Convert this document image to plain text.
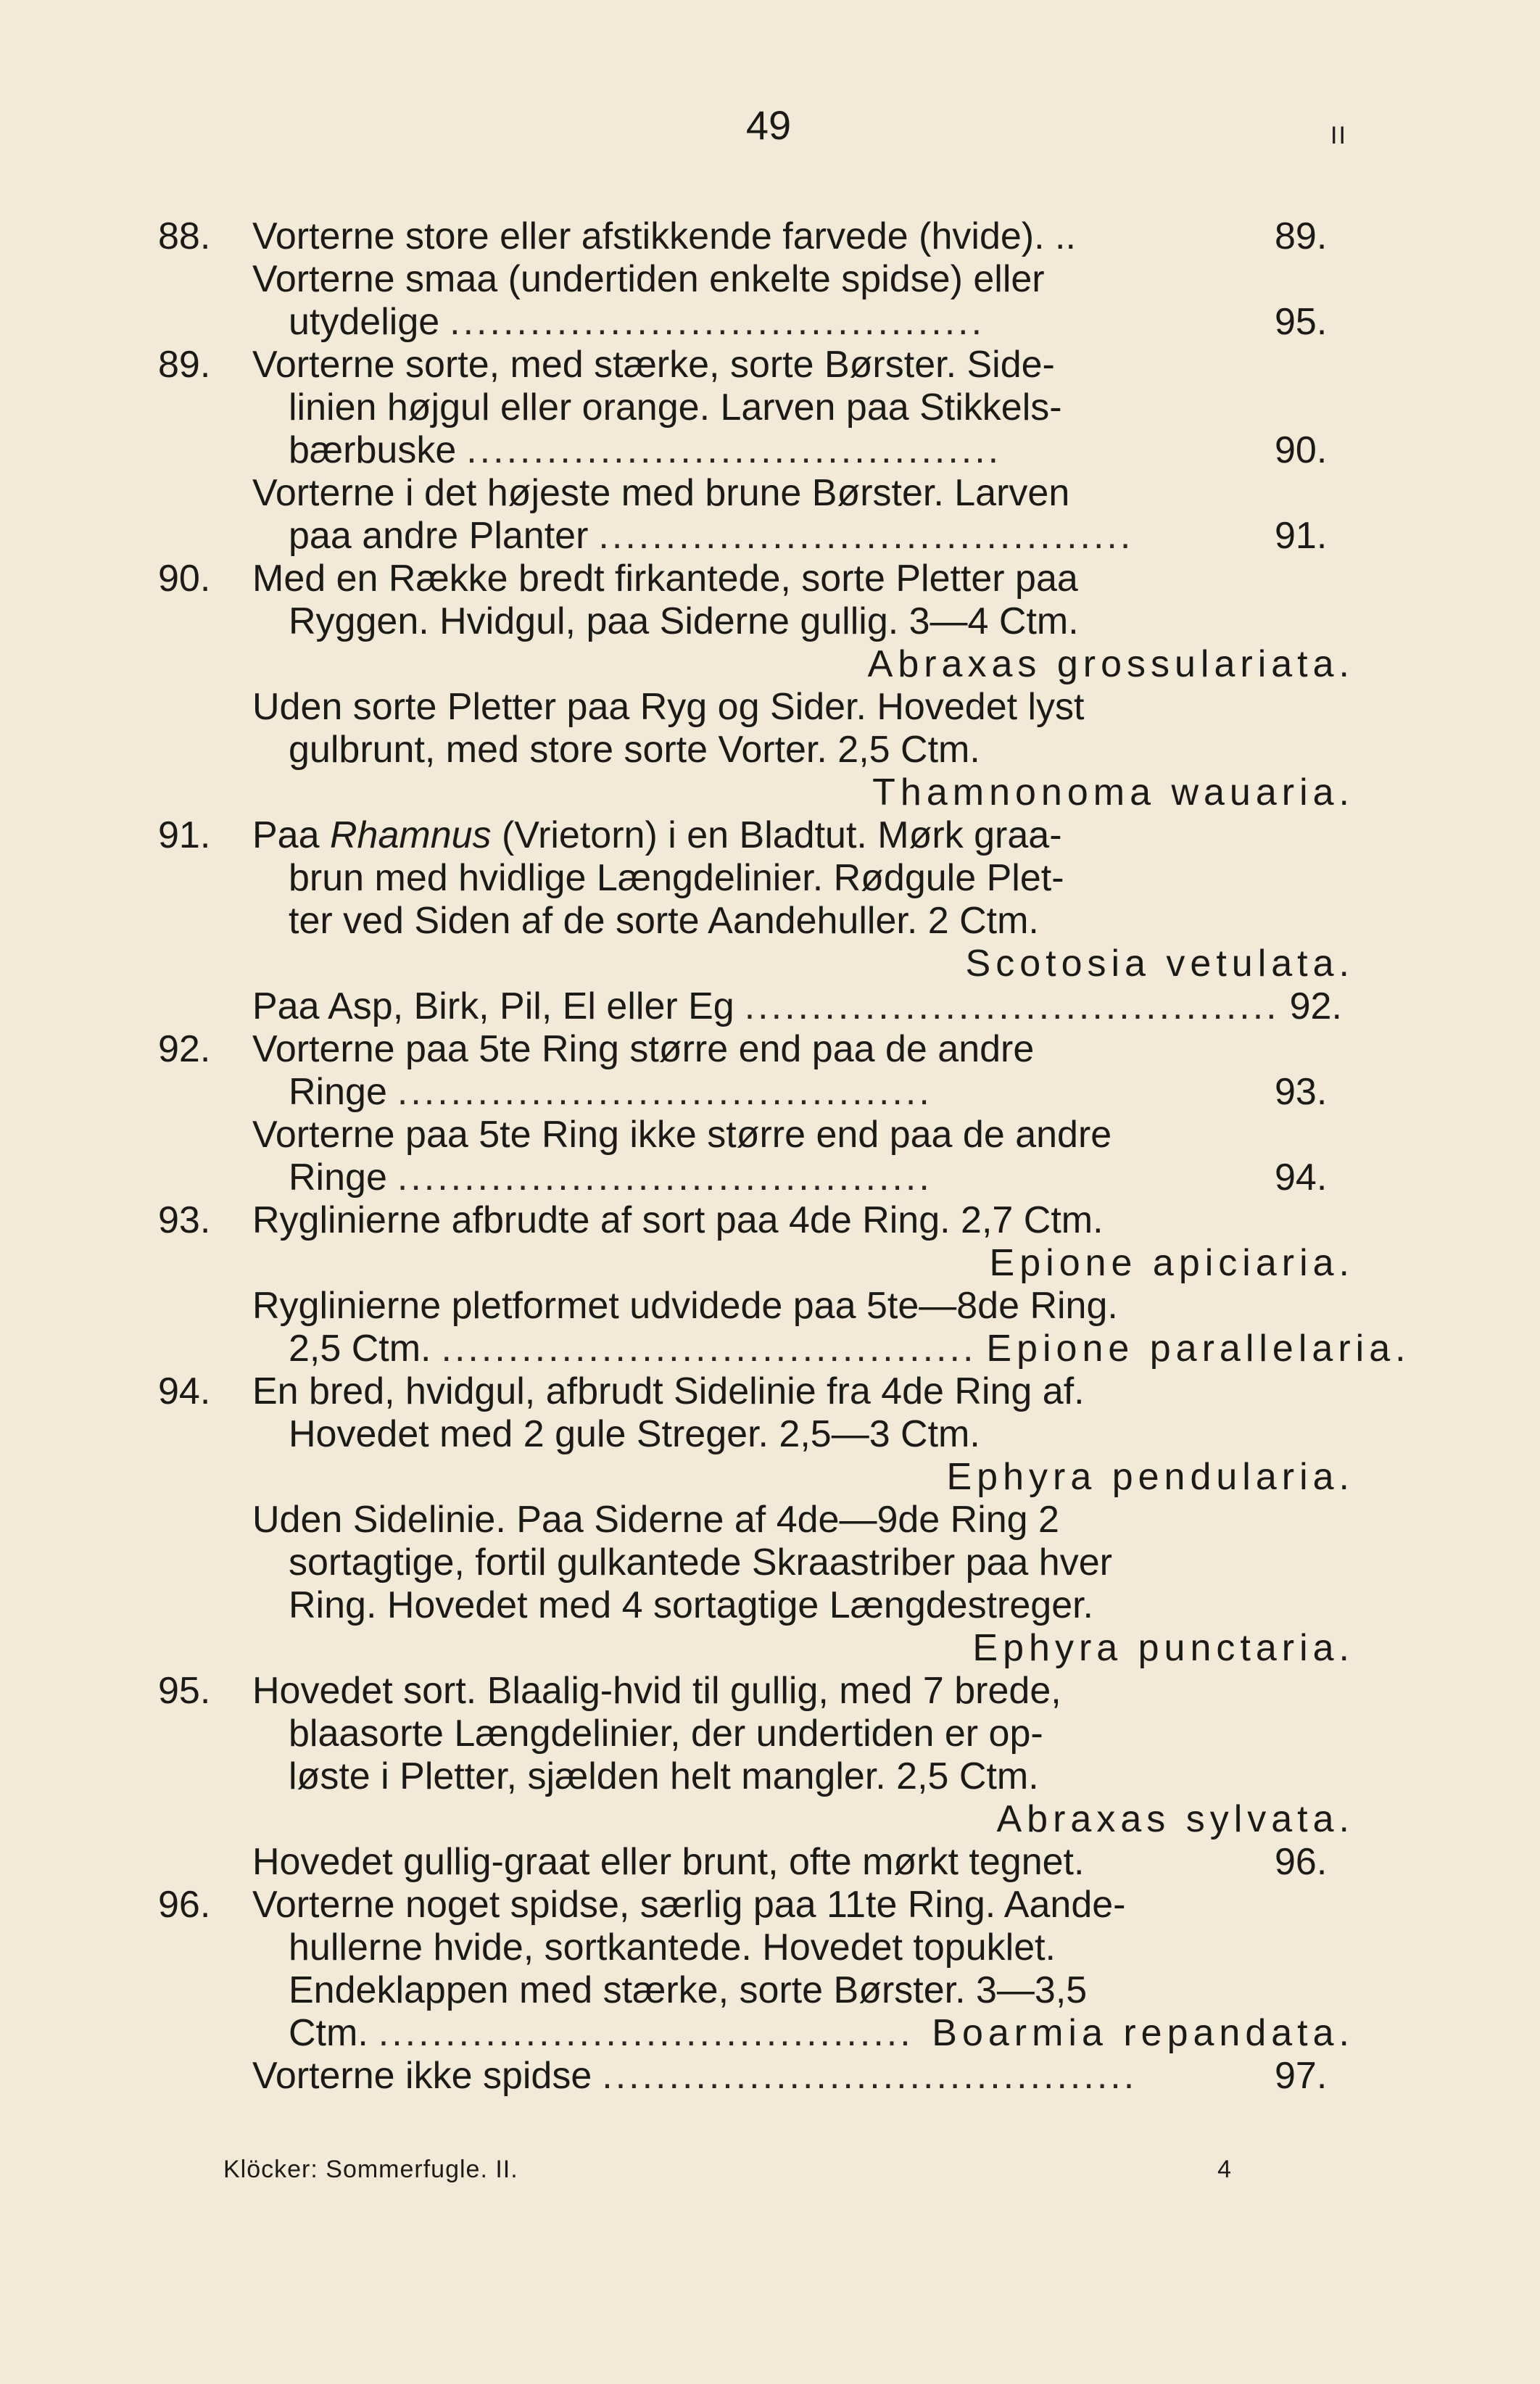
49	II
88. Vorterne store eller afstikkende farvede (hvide). ..	89.
Vorterne smaa (undertiden enkelte spidse) eller
utydelige ........................................	95.
89. Vorterne sorte, med stærke, sorte Børster. Side-
linien højgul eller orange. Larven paa Stikkels-
bærbuske ........................................	90.
Vorterne i det højeste med brune Børster. Larven
paa andre Planter ........................................	91.
90. Med en Række bredt firkantede, sorte Pletter paa
Ryggen. Hvidgul, paa Siderne gullig. 3—4 Ctm.
Abraxas grossulariata.
Uden sorte Pletter paa Ryg og Sider. Hovedet lyst
gulbrunt, med store sorte Vorter. 2,5 Ctm.
Thamnonoma wauaria.
91. Paa Rhamnus (Vrietorn) i en Bladtut. Mørk graa-
brun med hvidlige Længdelinier. Rødgule Plet-
ter ved Siden af de sorte Aandehuller. 2 Ctm.
Scotosia vetulata.
Paa Asp, Birk, Pil, El eller Eg ........................................ 92.
92. Vorterne paa 5te Ring større end paa de andre
Ringe ........................................	93.
Vorterne paa 5te Ring ikke større end paa de andre
Ringe ........................................	94.
93. Ryglinierne afbrudte af sort paa 4de Ring. 2,7 Ctm.
Epione apiciaria.
Ryglinierne pletformet udvidede paa 5te—8de Ring.
2,5 Ctm. ........................................ Epione parallelaria.
94. En bred, hvidgul, afbrudt Sidelinie fra 4de Ring af.
Hovedet med 2 gule Streger. 2,5—3 Ctm.
Ephyra pendularia.
Uden Sidelinie. Paa Siderne af 4de—9de Ring 2
sortagtige, fortil gulkantede Skraastriber paa hver
Ring. Hovedet med 4 sortagtige Længdestreger.
Ephyra punctaria.
95. Hovedet sort. Blaalig-hvid til gullig, med 7 brede,
blaasorte Længdelinier, der undertiden er op-
løste i Pletter, sjælden helt mangler. 2,5 Ctm.
Abraxas sylvata.
Hovedet gullig-graat eller brunt, ofte mørkt tegnet.	96.
96. Vorterne noget spidse, særlig paa 11te Ring. Aande-
hullerne hvide, sortkantede. Hovedet topuklet.
Endeklappen med stærke, sorte Børster. 3—3,5
Ctm. ........................................ Boarmia repandata.
Vorterne ikke spidse ........................................	97.
Klöcker: Sommerfugle. II.	4
